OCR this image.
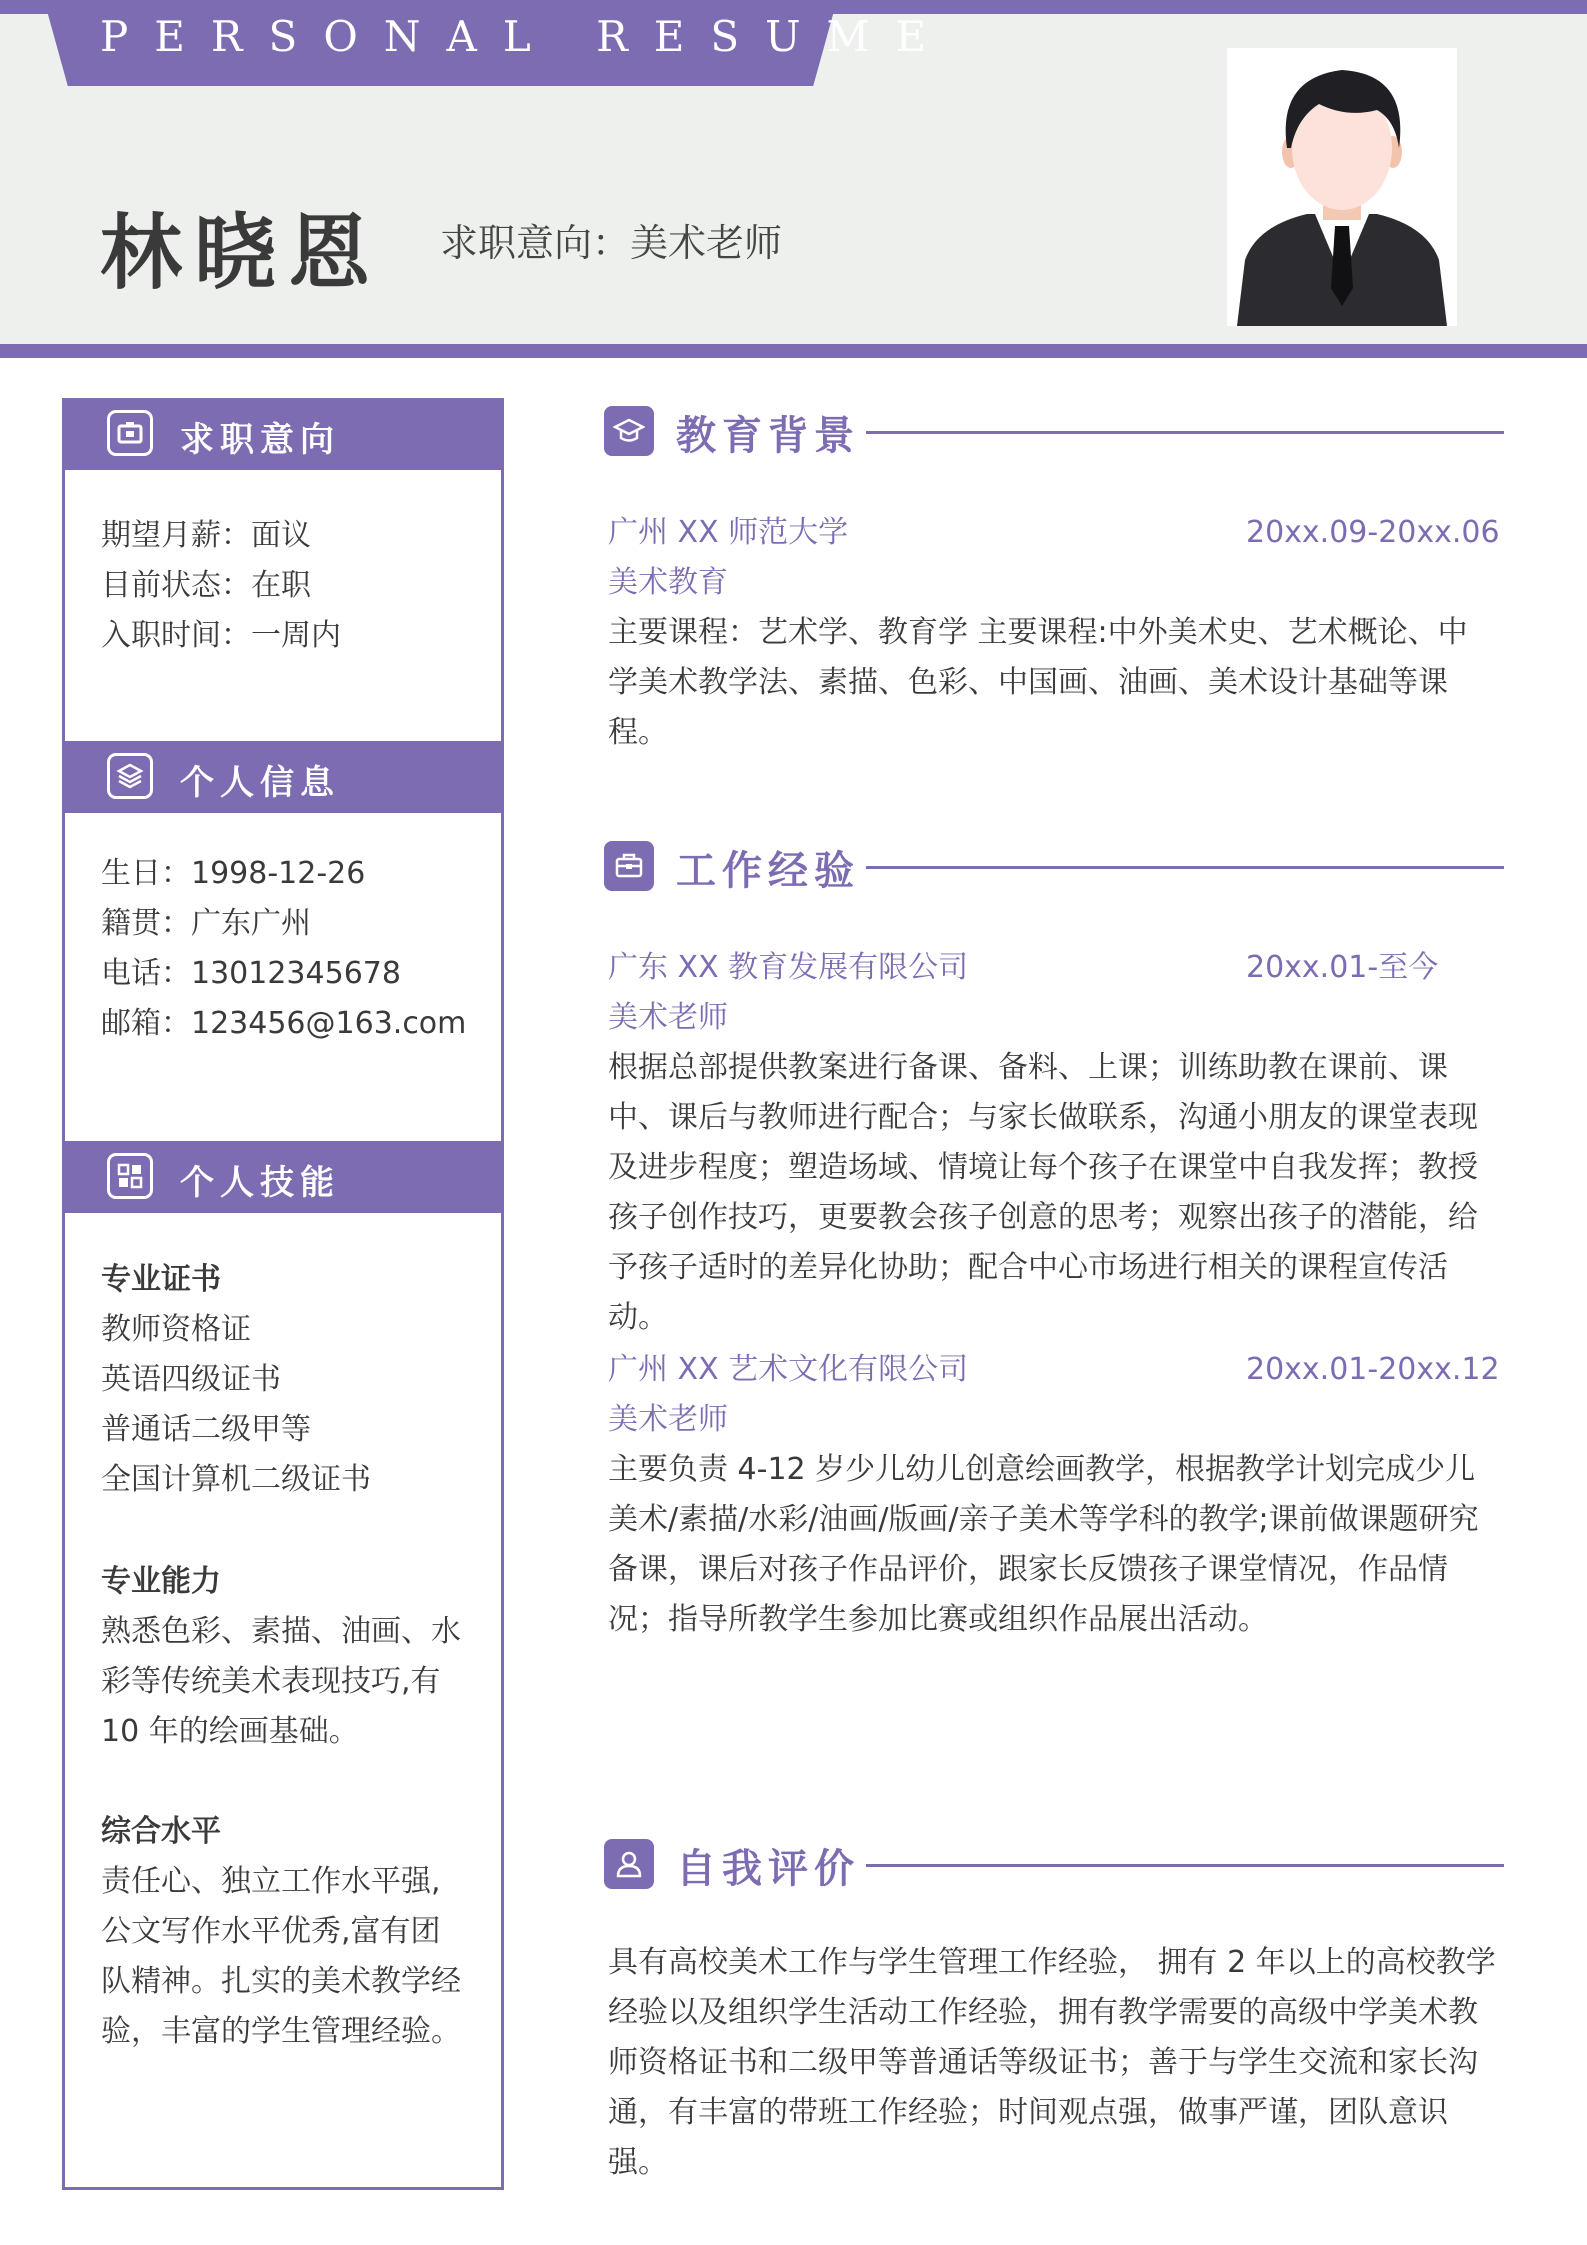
PERSONAL RESUME
林晓恩 求职意向：美术老师
求职意向
期望月薪：面议
目前状态：在职
入职时间：一周内
个人信息
生日：1998-12-26
籍贯：广东广州
电话：13012345678
邮箱：123456@163.com
个人技能
专业证书
教师资格证
英语四级证书
普通话二级甲等
全国计算机二级证书
专业能力
熟悉色彩、素描、油画、水
彩等传统美术表现技巧,有
10 年的绘画基础。
综合水平
责任心、独立工作水平强,
公文写作水平优秀,富有团
队精神。扎实的美术教学经
验，丰富的学生管理经验。
教育背景
广州 XX 师范大学	20xx.09-20xx.06
美术教育
主要课程：艺术学、教育学 主要课程:中外美术史、艺术概论、中学美术教学法、素描、色彩、中国画、油画、美术设计基础等课程。
工作经验
广东 XX 教育发展有限公司	20xx.01-至今
美术老师
根据总部提供教案进行备课、备料、上课；训练助教在课前、课中、课后与教师进行配合；与家长做联系，沟通小朋友的课堂表现及进步程度；塑造场域、情境让每个孩子在课堂中自我发挥；教授孩子创作技巧，更要教会孩子创意的思考；观察出孩子的潜能，给予孩子适时的差异化协助；配合中心市场进行相关的课程宣传活动。
广州 XX 艺术文化有限公司	20xx.01-20xx.12
美术老师
主要负责 4-12 岁少儿幼儿创意绘画教学，根据教学计划完成少儿美术/素描/水彩/油画/版画/亲子美术等学科的教学;课前做课题研究备课，课后对孩子作品评价，跟家长反馈孩子课堂情况，作品情况；指导所教学生参加比赛或组织作品展出活动。
自我评价
具有高校美术工作与学生管理工作经验， 拥有 2 年以上的高校教学经验以及组织学生活动工作经验，拥有教学需要的高级中学美术教师资格证书和二级甲等普通话等级证书；善于与学生交流和家长沟通，有丰富的带班工作经验；时间观点强，做事严谨，团队意识强。
